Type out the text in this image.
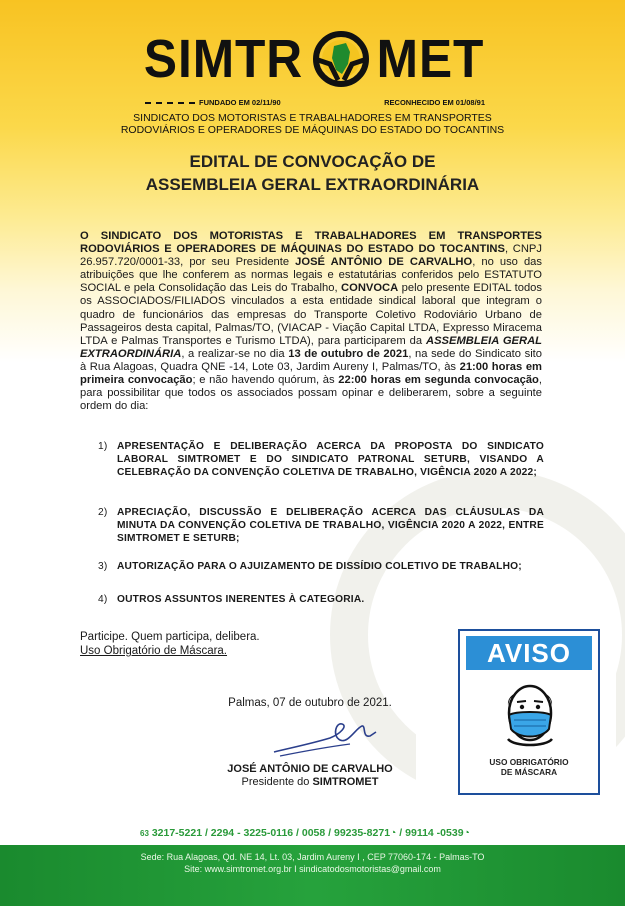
SIMTR MET
FUNDADO EM 02/11/90	RECONHECIDO EM 01/08/91
SINDICATO DOS MOTORISTAS E TRABALHADORES EM TRANSPORTES
RODOVIÁRIOS E OPERADORES DE MÁQUINAS DO ESTADO DO TOCANTINS
EDITAL DE CONVOCAÇÃO DE
ASSEMBLEIA GERAL EXTRAORDINÁRIA
O SINDICATO DOS MOTORISTAS E TRABALHADORES EM TRANSPORTES RODOVIÁRIOS E OPERADORES DE MÁQUINAS DO ESTADO DO TOCANTINS, CNPJ 26.957.720/0001-33, por seu Presidente JOSÉ ANTÔNIO DE CARVALHO, no uso das atribuições que lhe conferem as normas legais e estatutárias conferidos pelo ESTATUTO SOCIAL e pela Consolidação das Leis do Trabalho, CONVOCA pelo presente EDITAL todos os ASSOCIADOS/FILIADOS vinculados a esta entidade sindical laboral que integram o quadro de funcionários das empresas do Transporte Coletivo Rodoviário Urbano de Passageiros desta capital, Palmas/TO, (VIACAP - Viação Capital LTDA, Expresso Miracema LTDA e Palmas Transportes e Turismo LTDA), para participarem da ASSEMBLEIA GERAL EXTRAORDINÁRIA, a realizar-se no dia 13 de outubro de 2021, na sede do Sindicato sito à Rua Alagoas, Quadra QNE -14, Lote 03, Jardim Aureny I, Palmas/TO, às 21:00 horas em primeira convocação; e não havendo quórum, às 22:00 horas em segunda convocação, para possibilitar que todos os associados possam opinar e deliberarem, sobre a seguinte ordem do dia:
1) APRESENTAÇÃO E DELIBERAÇÃO ACERCA DA PROPOSTA DO SINDICATO LABORAL SIMTROMET E DO SINDICATO PATRONAL SETURB, VISANDO A CELEBRAÇÃO DA CONVENÇÃO COLETIVA DE TRABALHO, VIGÊNCIA 2020 A 2022;
2) APRECIAÇÃO, DISCUSSÃO E DELIBERAÇÃO ACERCA DAS CLÁUSULAS DA MINUTA DA CONVENÇÃO COLETIVA DE TRABALHO, VIGÊNCIA 2020 A 2022, ENTRE SIMTROMET E SETURB;
3) AUTORIZAÇÃO PARA O AJUIZAMENTO DE DISSÍDIO COLETIVO DE TRABALHO;
4) OUTROS ASSUNTOS INERENTES À CATEGORIA.
Participe. Quem participa, delibera.
Uso Obrigatório de Máscara.
Palmas, 07 de outubro de 2021.
JOSÉ ANTÔNIO DE CARVALHO
Presidente do SIMTROMET
AVISO
USO OBRIGATÓRIO
DE MÁSCARA
63 3217-5221 / 2294 - 3225-0116 / 0058 / 99235-8271◔ / 99114 -0539◔
Sede: Rua Alagoas, Qd. NE 14, Lt. 03, Jardim Aureny I , CEP 77060-174 - Palmas-TO
Site: www.simtromet.org.br I sindicatodosmotoristas@gmail.com
